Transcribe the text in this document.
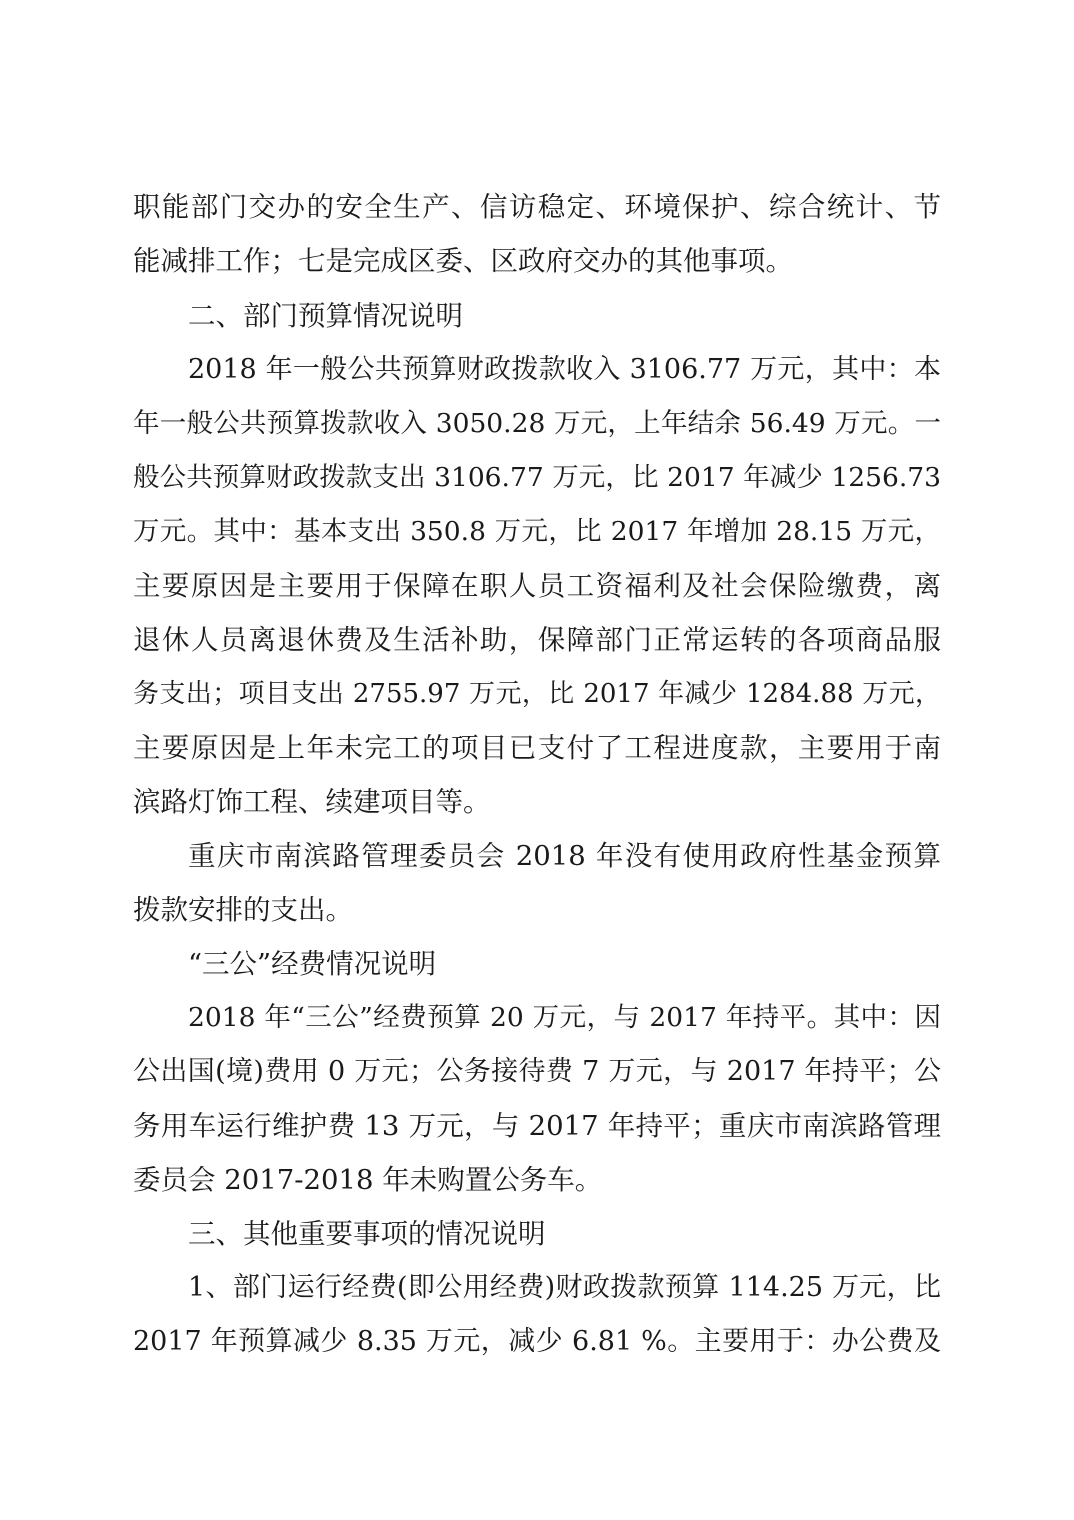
职能部门交办的安全生产、信访稳定、环境保护、综合统计、节
能减排工作；七是完成区委、区政府交办的其他事项。
二、部门预算情况说明
2018 年一般公共预算财政拨款收入 3106.77 万元，其中：本
年一般公共预算拨款收入 3050.28 万元，上年结余 56.49 万元。一
般公共预算财政拨款支出 3106.77 万元，比 2017 年减少 1256.73
万元。其中：基本支出 350.8 万元，比 2017 年增加 28.15 万元，
主要原因是主要用于保障在职人员工资福利及社会保险缴费，离
退休人员离退休费及生活补助，保障部门正常运转的各项商品服
务支出；项目支出 2755.97 万元，比 2017 年减少 1284.88 万元，
主要原因是上年未完工的项目已支付了工程进度款，主要用于南
滨路灯饰工程、续建项目等。
重庆市南滨路管理委员会 2018 年没有使用政府性基金预算
拨款安排的支出。
“三公”经费情况说明
2018 年“三公”经费预算 20 万元，与 2017 年持平。其中：因
公出国(境)费用 0 万元；公务接待费 7 万元，与 2017 年持平；公
务用车运行维护费 13 万元，与 2017 年持平；重庆市南滨路管理
委员会 2017-2018 年未购置公务车。
三、其他重要事项的情况说明
1、部门运行经费(即公用经费)财政拨款预算 114.25 万元，比
2017 年预算减少 8.35 万元，减少 6.81 %。主要用于：办公费及
